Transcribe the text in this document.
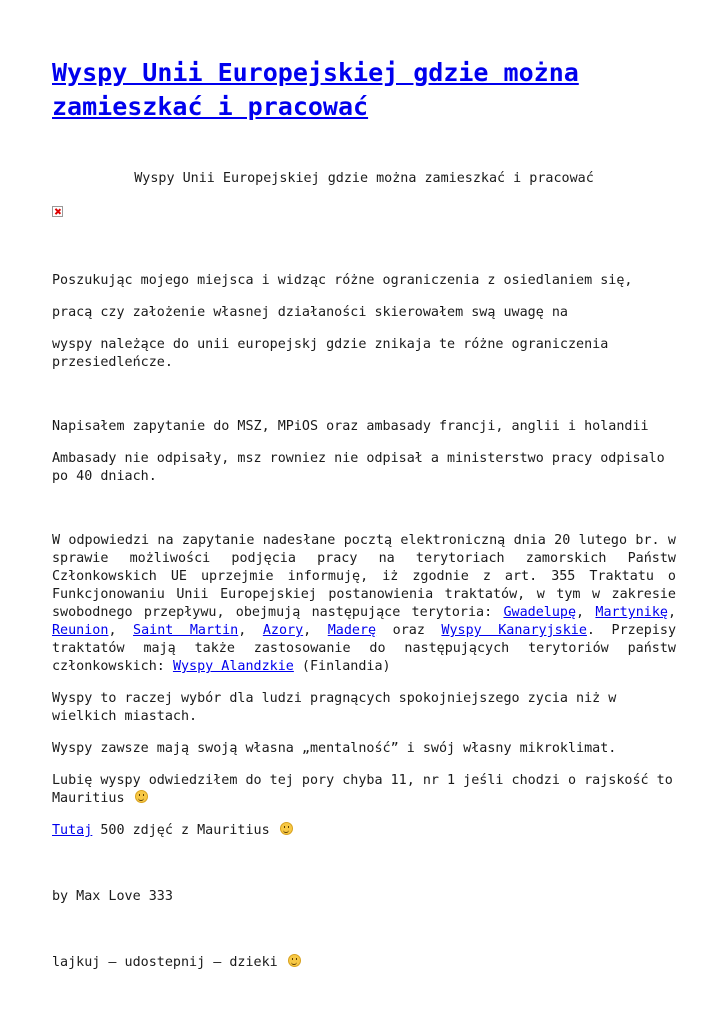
Wyspy Unii Europejskiej gdzie można zamieszkać i pracować

Wyspy Unii Europejskiej gdzie można zamieszkać i pracować

Poszukując mojego miejsca i widząc różne ograniczenia z osiedlaniem się,

pracą czy założenie własnej działaności skierowałem swą uwagę na

wyspy należące do unii europejskj gdzie znikaja te różne ograniczenia przesiedleńcze.

Napisałem zapytanie do MSZ, MPiOS oraz ambasady francji, anglii i holandii

Ambasady nie odpisały, msz rowniez nie odpisał a ministerstwo pracy odpisalo po 40 dniach.

W odpowiedzi na zapytanie nadesłane pocztą elektroniczną dnia 20 lutego br. w sprawie możliwości podjęcia pracy na terytoriach zamorskich Państw Członkowskich UE uprzejmie informuję, iż zgodnie z art. 355 Traktatu o Funkcjonowaniu Unii Europejskiej postanowienia traktatów, w tym w zakresie swobodnego przepływu, obejmują następujące terytoria: Gwadelupę, Martynikę, Reunion, Saint Martin, Azory, Maderę oraz Wyspy Kanaryjskie. Przepisy traktatów mają także zastosowanie do następujących terytoriów państw członkowskich: Wyspy Alandzkie (Finlandia)

Wyspy to raczej wybór dla ludzi pragnących spokojniejszego zycia niż w wielkich miastach.

Wyspy zawsze mają swoją własna „mentalność” i swój własny mikroklimat.

Lubię wyspy odwiedziłem do tej pory chyba 11, nr 1 jeśli chodzi o rajskość to Mauritius

Tutaj 500 zdjęć z Mauritius

by Max Love 333

lajkuj – udostepnij – dzieki
